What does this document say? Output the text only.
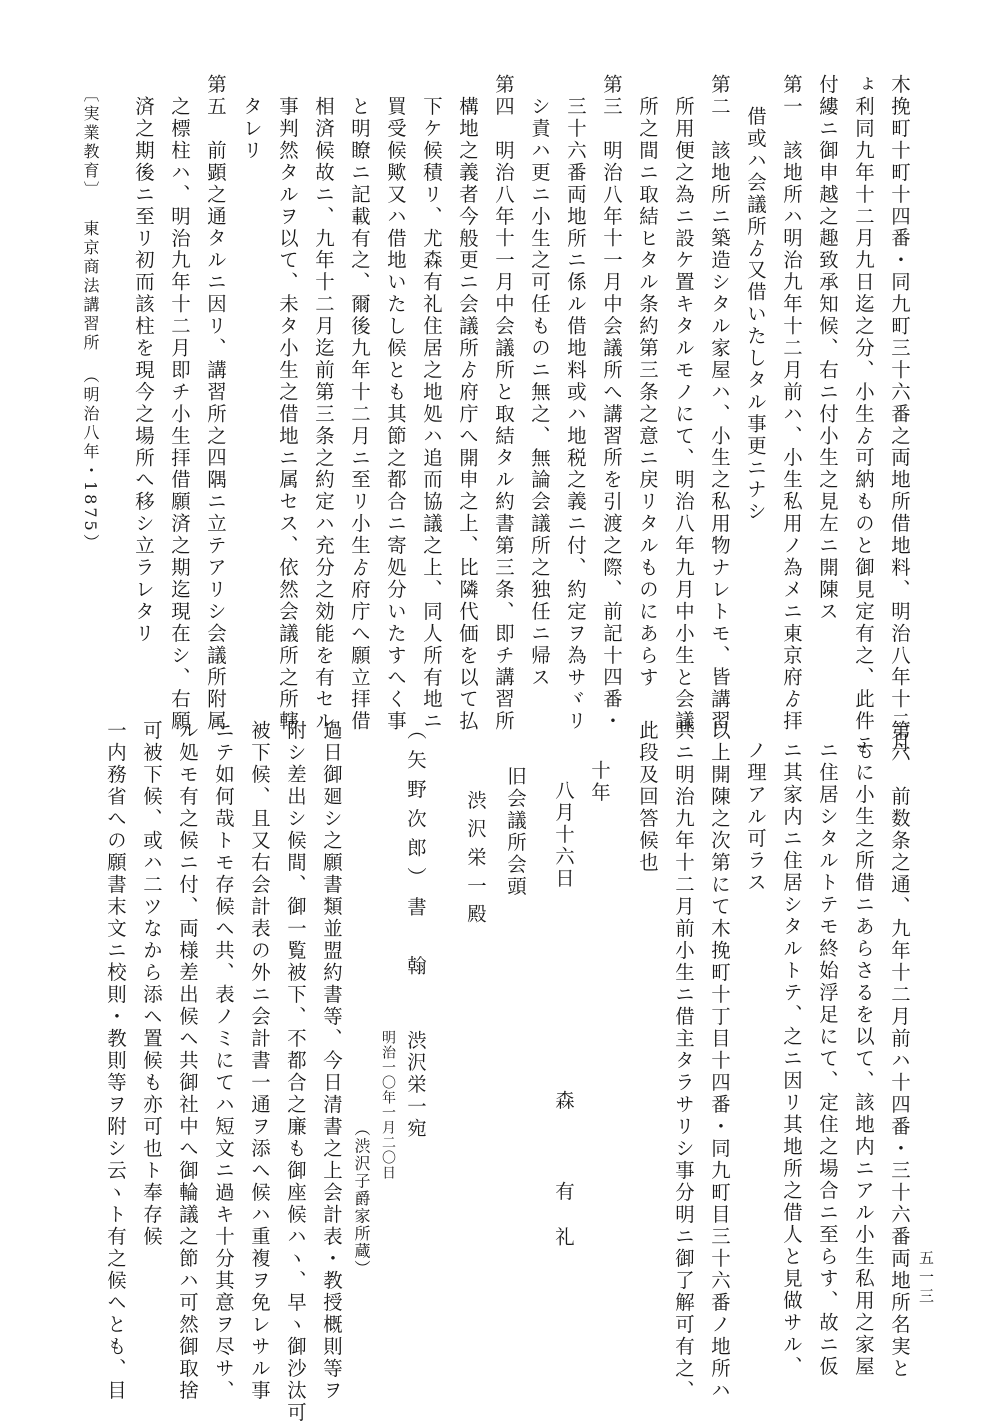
木挽町十町十四番・同九町三十六番之両地所借地料、明治八年十二月
ょ利同九年十二月九日迄之分、小生ゟ可納ものと御見定有之、此件ニ
付縷ニ御申越之趣致承知候、右ニ付小生之見左ニ開陳ス
第一　該地所ハ明治九年十二月前ハ、小生私用ノ為メニ東京府ゟ拝
借或ハ会議所ゟ又借いたしタル事更ニナシ
第二　該地所ニ築造シタル家屋ハ、小生之私用物ナレトモ、皆講習
所用便之為ニ設ケ置キタルモノにて、明治八年九月中小生と会議
所之間ニ取結ヒタル条約第三条之意ニ戻リタルものにあらす
第三　明治八年十一月中会議所へ講習所を引渡之際、前記十四番・
三十六番両地所ニ係ル借地料或ハ地税之義ニ付、約定ヲ為サヾリ
シ責ハ更ニ小生之可任ものニ無之、無論会議所之独任ニ帰ス
第四　明治八年十一月中会議所と取結タル約書第三条、即チ講習所
構地之義者今般更ニ会議所ゟ府庁へ開申之上、比隣代価を以て払
下ケ候積リ、尤森有礼住居之地処ハ追而協議之上、同人所有地ニ
買受候歟又ハ借地いたし候とも其節之都合ニ寄処分いたすへく事
と明瞭ニ記載有之、爾後九年十二月ニ至リ小生ゟ府庁へ願立拝借
相済候故ニ、九年十二月迄前第三条之約定ハ充分之効能を有セル
事判然タルヲ以て、未タ小生之借地ニ属セス、依然会議所之所轄
タレリ
第五　前顕之通タルニ因リ、講習所之四隅ニ立テアリシ会議所附属
之標柱ハ、明治九年十二月即チ小生拝借願済之期迄現在シ、右願
済之期後ニ至リ初而該柱を現今之場所へ移シ立ラレタリ
〔実業教育〕東京商法講習所（明治八年・1875）
第六　前数条之通、九年十二月前ハ十四番・三十六番両地所名実と
もに小生之所借ニあらさるを以て、該地内ニアル小生私用之家屋
ニ住居シタルトテモ終始浮足にて、定住之場合ニ至らす、故ニ仮
ニ其家内ニ住居シタルトテ、之ニ因リ其地所之借人と見做サル、
ノ理アル可ラス
以上開陳之次第にて木挽町十丁目十四番・同九町目三十六番ノ地所ハ
共ニ明治九年十二月前小生ニ借主タラサリシ事分明ニ御了解可有之、
此段及回答候也
十年
八月十六日
森　有礼
旧会議所会頭
渋沢栄一殿
（矢野次郎）書　翰
渋沢栄一宛
明治一〇年一月二〇日
（渋沢子爵家所蔵）
過日御廻シ之願書類並盟約書等、今日清書之上会計表・教授概則等ヲ
附シ差出シ候間、御一覧被下、不都合之廉も御座候ハヽ、早ヽ御沙汰可
被下候、且又右会計表の外ニ会計書一通ヲ添ヘ候ハ重複ヲ免レサル事
ニテ如何哉トモ存候ヘ共、表ノミにてハ短文ニ過キ十分其意ヲ尽サ、
ル処モ有之候ニ付、両様差出候ヘ共御社中へ御輪議之節ハ可然御取捨
可被下候、或ハ二ツなから添ヘ置候も亦可也ト奉存候
一内務省への願書末文ニ校則・教則等ヲ附シ云ヽト有之候ヘとも、目	五一三
